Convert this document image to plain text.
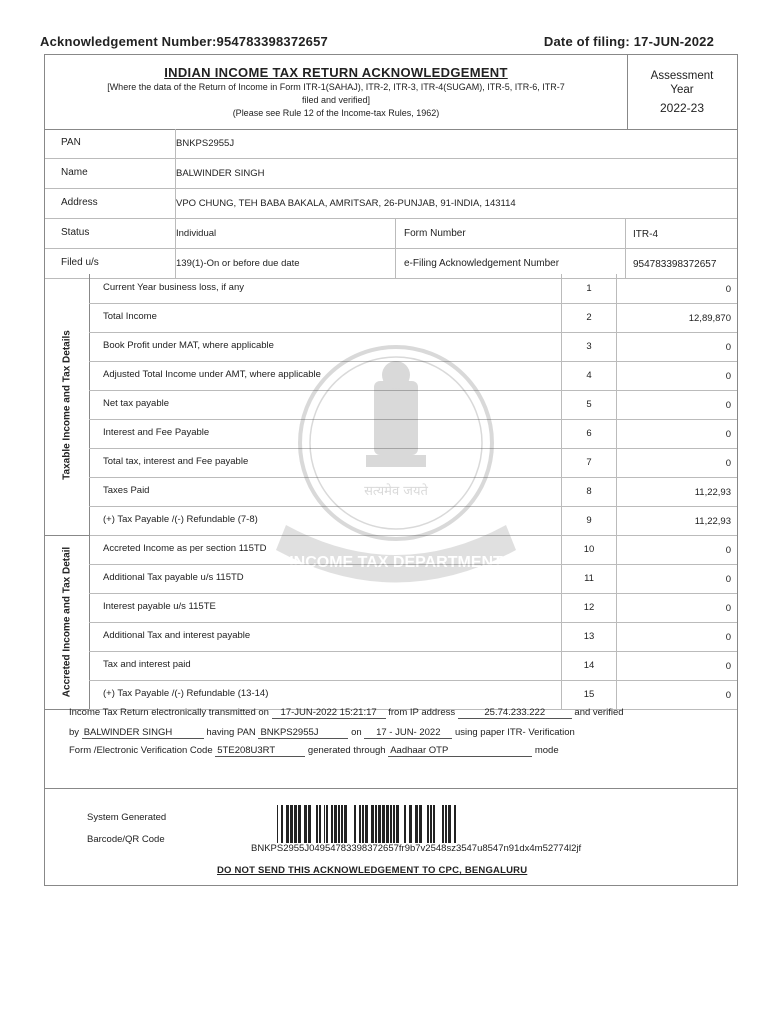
Acknowledgement Number:954783398372657	Date of filing: 17-JUN-2022
INDIAN INCOME TAX RETURN ACKNOWLEDGEMENT
[Where the data of the Return of Income in Form ITR-1(SAHAJ), ITR-2, ITR-3, ITR-4(SUGAM), ITR-5, ITR-6, ITR-7
filed and verified]
(Please see Rule 12 of the Income-tax Rules, 1962)
Assessment
Year
2022-23
PAN	BNKPS2955J
Name	BALWINDER SINGH
Address	VPO CHUNG, TEH BABA BAKALA, AMRITSAR, 26-PUNJAB, 91-INDIA, 143114
Status	Individual	Form Number	ITR-4
Filed u/s	139(1)-On or before due date	e-Filing Acknowledgement Number	954783398372657
Taxable Income and Tax Details
Current Year business loss, if any	1	0
Total Income	2	12,89,870
Book Profit under MAT, where applicable	3	0
Adjusted Total Income under AMT, where applicable	4	0
Net tax payable	5	0
Interest and Fee Payable	6	0
Total tax, interest and Fee payable	7	0
Taxes Paid	8	11,22,93
(+) Tax Payable /(-) Refundable (7-8)	9	11,22,93
Accreted Income and Tax Detail	Accreted Income as per section 115TD	10	0
Additional Tax payable u/s 115TD	11	0
Interest payable u/s 115TE	12	0
Additional Tax and interest payable	13	0
Tax and interest paid	14	0
(+) Tax Payable /(-) Refundable (13-14)	15	0
Income Tax Return electronically transmitted on 17-JUN-2022 15:21:17 from IP address	25.74.233.222	and verified
by BALWINDER SINGH	having PAN BNKPS2955J	on 17 - JUN- 2022 using paper ITR- Verification
Form /Electronic Verification Code 5TE208U3RT	generated through Aadhaar OTP	mode
System Generated
Barcode/QR Code
BNKPS2955J04954783398372657fr9b7v2548sz3547u8547n91dx4m52774l2jf
DO NOT SEND THIS ACKNOWLEDGEMENT TO CPC, BENGALURU
सत्यमेव जयते
INCOME TAX DEPARTMENT
